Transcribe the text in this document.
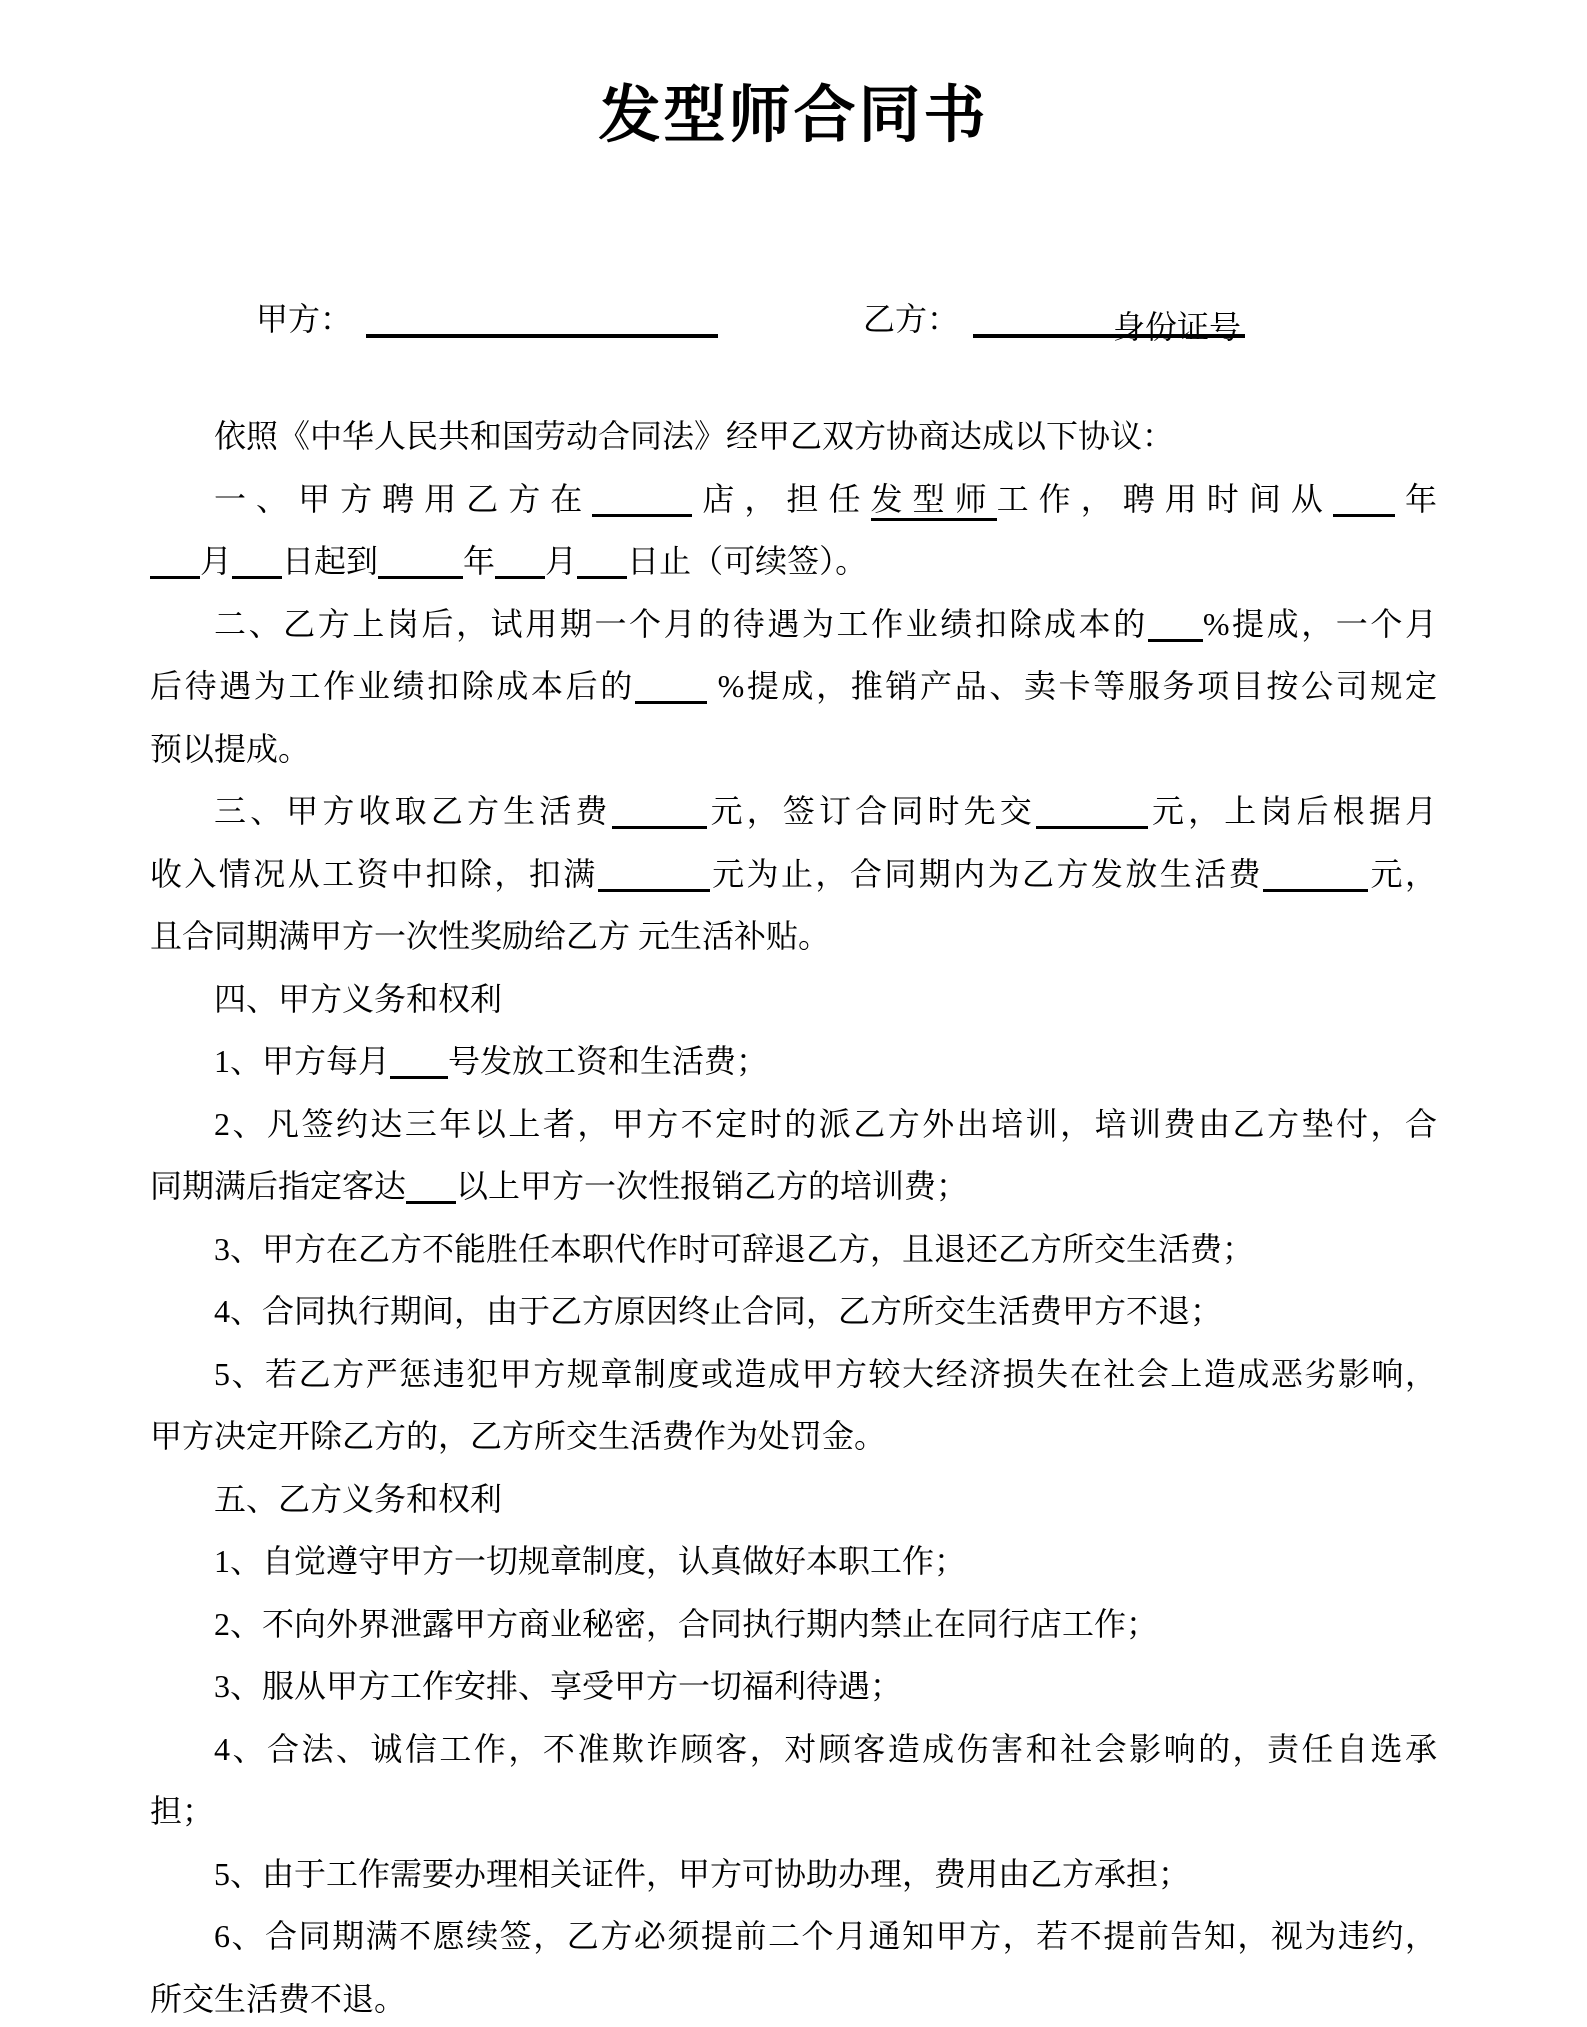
发型师合同书
甲方：	乙方：	身份证号
依照《中华人民共和国劳动合同法》经甲乙双方协商达成以下协议：
一、甲方聘用乙方在	店，担任发型师工作，聘用时间从 年
月 日起到	年 月 日止（可续签）。
二、乙方上岗后，试用期一个月的待遇为工作业绩扣除成本的 %提成，一个月
后待遇为工作业绩扣除成本后的 %提成，推销产品、卖卡等服务项目按公司规定
预以提成。
三、甲方收取乙方生活费	元，签订合同时先交	元，上岗后根据月
收入情况从工资中扣除，扣满	元为止，合同期内为乙方发放生活费	元，
且合同期满甲方一次性奖励给乙方 元生活补贴。
四、甲方义务和权利
1、甲方每月 号发放工资和生活费；
2、凡签约达三年以上者，甲方不定时的派乙方外出培训，培训费由乙方垫付，合
同期满后指定客达 以上甲方一次性报销乙方的培训费；
3、甲方在乙方不能胜任本职代作时可辞退乙方，且退还乙方所交生活费；
4、合同执行期间，由于乙方原因终止合同，乙方所交生活费甲方不退；
5、若乙方严惩违犯甲方规章制度或造成甲方较大经济损失在社会上造成恶劣影响，
甲方决定开除乙方的，乙方所交生活费作为处罚金。
五、乙方义务和权利
1、自觉遵守甲方一切规章制度，认真做好本职工作；
2、不向外界泄露甲方商业秘密，合同执行期内禁止在同行店工作；
3、服从甲方工作安排、享受甲方一切福利待遇；
4、合法、诚信工作，不准欺诈顾客，对顾客造成伤害和社会影响的，责任自选承
担；
5、由于工作需要办理相关证件，甲方可协助办理，费用由乙方承担；
6、合同期满不愿续签，乙方必须提前二个月通知甲方，若不提前告知，视为违约，
所交生活费不退。
